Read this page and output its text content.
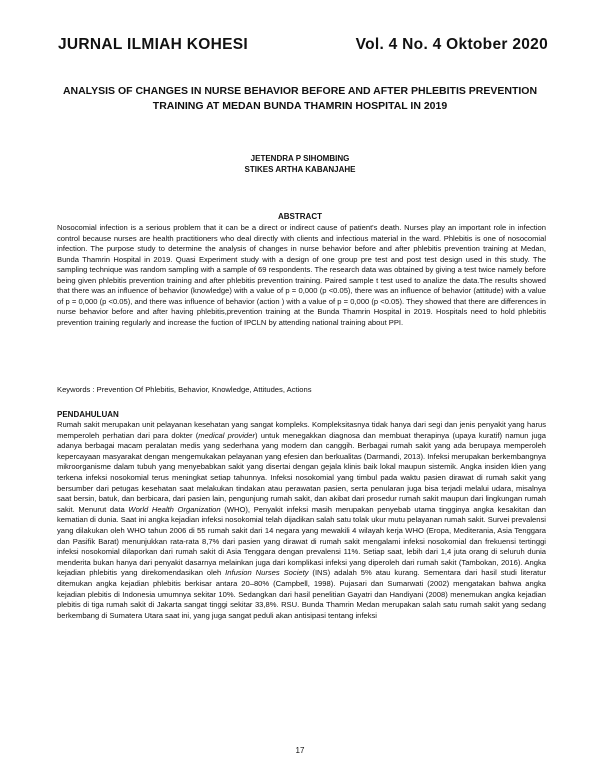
JURNAL ILMIAH KOHESI	Vol. 4 No. 4 Oktober 2020
ANALYSIS OF CHANGES IN NURSE BEHAVIOR BEFORE AND AFTER PHLEBITIS PREVENTION TRAINING AT MEDAN BUNDA THAMRIN HOSPITAL IN 2019
JETENDRA P SIHOMBING
STIKES ARTHA KABANJAHE
ABSTRACT

Nosocomial infection is a serious problem that it can be a direct or indirect cause of patient's death. Nurses play an important role in infection control because nurses are health practitioners who deal directly with clients and infectious material in the ward. Phlebitis is one of nosocomial infection. The purpose study to determine the analysis of changes in nurse behavior before and after phlebitis prevention training at Medan, Bunda Thamrin Hospital in 2019. Quasi Experiment study with a design of one group pre test and post test design used in this study. The sampling technique was random sampling with a sample of 69 respondents. The research data was obtained by giving a test twice namely before being given phlebitis prevention training and after phlebitis prevention training. Paired sample t test used to analize the data.The results showed that there was an influence of behavior (knowledge) with a value of p = 0,000 (p <0.05), there was an influence of behavior (attitude) with a value of p = 0,000 (p <0.05), and there was influence of behavior (action ) with a value of p = 0,000 (p <0.05). They showed that there are differences in nurse behavior before and after having phlebitis,prevention training at the Bunda Thamrin Hospital in 2019. Hospitals need to hold phlebitis prevention training regularly and increase the fuction of IPCLN by attending national training about PPI.

Keywords : Prevention Of Phlebitis, Behavior, Knowledge, Attitudes, Actions
PENDAHULUAN

Rumah sakit merupakan unit pelayanan kesehatan yang sangat kompleks. Kompleksitasnya tidak hanya dari segi dan jenis penyakit yang harus memperoleh perhatian dari para dokter (medical provider) untuk menegakkan diagnosa dan membuat therapinya (upaya kuratif) namun juga adanya berbagai macam peralatan medis yang sederhana yang modern dan canggih. Berbagai rumah sakit yang ada berupaya memperoleh kepercayaan masyarakat dengan mengemukakan pelayanan yang efesien dan berkualitas (Darmandi, 2013). Infeksi merupakan berkembangnya mikroorganisme dalam tubuh yang menyebabkan sakit yang disertai dengan gejala klinis baik lokal maupun sistemik. Angka insiden klien yang terkena infeksi nosokomial terus meningkat setiap tahunnya. Infeksi nosokomial yang timbul pada waktu pasien dirawat di rumah sakit yang bersumber dari petugas kesehatan saat melakukan tindakan atau perawatan pasien, serta penularan juga bisa terjadi melalui udara, misalnya saat bersin, batuk, dan berbicara, dari pasien lain, pengunjung rumah sakit, dan akibat dari prosedur rumah sakit maupun dari lingkungan rumah sakit. Menurut data World Health Organization (WHO), Penyakit infeksi masih merupakan penyebab utama tingginya angka kesakitan dan kematian di dunia. Saat ini angka kejadian infeksi nosokomial telah dijadikan salah satu tolak ukur mutu pelayanan rumah sakit. Survei prevalensi yang dilakukan oleh WHO tahun 2006 di 55 rumah sakit dari 14 negara yang mewakili 4 wilayah kerja WHO (Eropa, Mediterania, Asia Tenggara dan Pasifik Barat) menunjukkan rata-rata 8,7% dari pasien yang dirawat di rumah sakit mengalami infeksi nosokomial dan frekuensi tertinggi infeksi nosokomial dilaporkan dari rumah sakit di Asia Tenggara dengan prevalensi 11%. Setiap saat, lebih dari 1,4 juta orang di seluruh dunia menderita bukan hanya dari penyakit dasarnya melainkan juga dari komplikasi infeksi yang diperoleh dari rumah sakit (Tambokan, 2016). Angka kejadian phlebitis yang direkomendasikan oleh Infusion Nurses Society (INS) adalah 5% atau kurang. Sementara dari hasil studi literatur ditemukan angka kejadian phlebitis berkisar antara 20–80% (Campbell, 1998). Pujasari dan Sumarwati (2002) mengatakan bahwa angka kejadian plebitis di Indonesia umumnya sekitar 10%. Sedangkan dari hasil penelitian Gayatri dan Handiyani (2008) menemukan angka kejadian plebitis di tiga rumah sakit di Jakarta sangat tinggi sekitar 33,8%. RSU. Bunda Thamrin Medan merupakan salah satu rumah sakit yang sedang berkembang di Sumatera Utara saat ini, yang juga sangat peduli akan antisipasi tentang infeksi

17
